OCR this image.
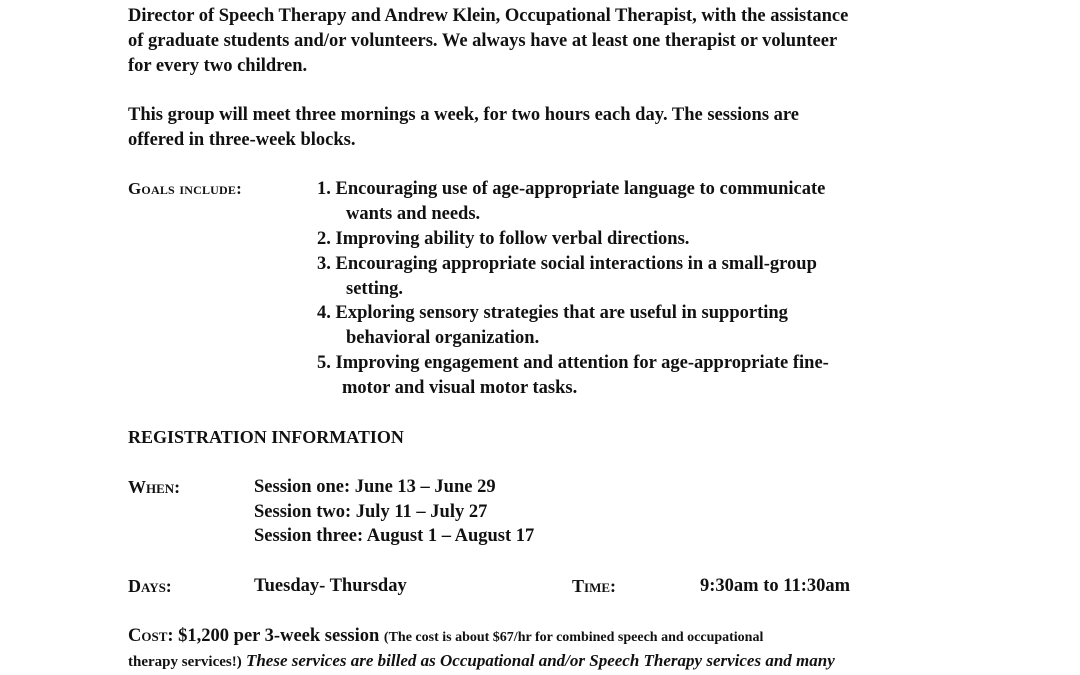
Director of Speech Therapy and Andrew Klein, Occupational Therapist, with the assistance
of graduate students and/or volunteers. We always have at least one therapist or volunteer
for every two children.
This group will meet three mornings a week, for two hours each day. The sessions are
offered in three-week blocks.
Goals include:	1. Encouraging use of age-appropriate language to communicate
wants and needs.
2. Improving ability to follow verbal directions.
3. Encouraging appropriate social interactions in a small-group
setting.
4. Exploring sensory strategies that are useful in supporting
behavioral organization.
5. Improving engagement and attention for age-appropriate fine-
motor and visual motor tasks.
REGISTRATION INFORMATION
When:	Session one: June 13 – June 29
Session two: July 11 – July 27
Session three: August 1 – August 17
Days:	Tuesday- Thursday	Time:	9:30am to 11:30am
Cost: $1,200 per 3-week session (The cost is about $67/hr for combined speech and occupational
therapy services!) These services are billed as Occupational and/or Speech Therapy services and many
